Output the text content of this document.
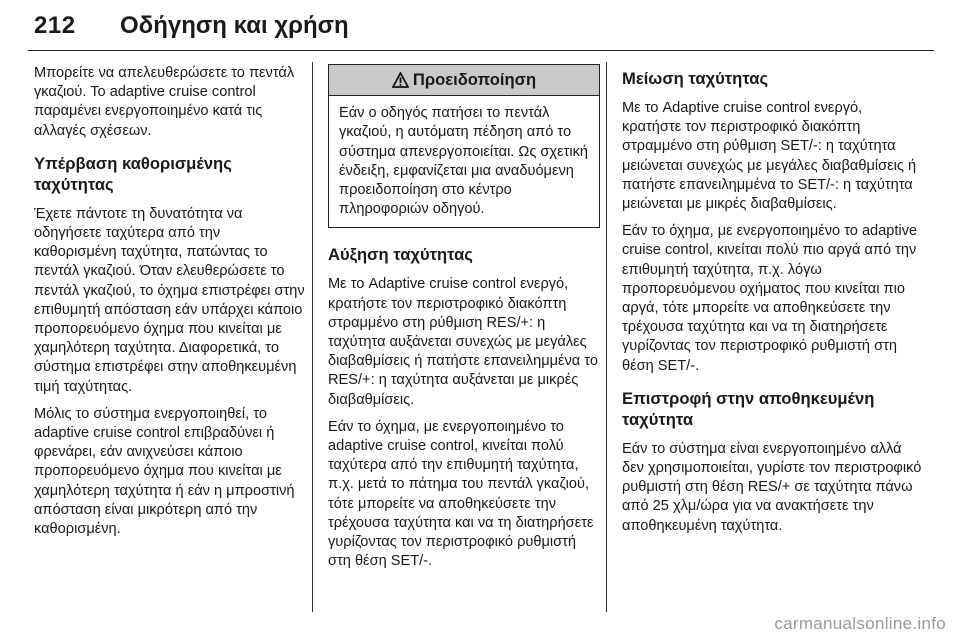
212 Οδήγηση και χρήση

Μπορείτε να απελευθερώσετε το πεντάλ γκαζιού. Το adaptive cruise control παραμένει ενεργοποιημένο κατά τις αλλαγές σχέσεων.

Υπέρβαση καθορισμένης ταχύτητας

Έχετε πάντοτε τη δυνατότητα να οδηγήσετε ταχύτερα από την καθορισμένη ταχύτητα, πατώντας το πεντάλ γκαζιού. Όταν ελευθερώσετε το πεντάλ γκαζιού, το όχημα επιστρέφει στην επιθυμητή απόσταση εάν υπάρχει κάποιο προπορευόμενο όχημα που κινείται με χαμηλότερη ταχύτητα. Διαφορετικά, το σύστημα επιστρέφει στην αποθηκευμένη τιμή ταχύτητας.

Μόλις το σύστημα ενεργοποιηθεί, το adaptive cruise control επιβραδύνει ή φρενάρει, εάν ανιχνεύσει κάποιο προπορευόμενο όχημα που κινείται με χαμηλότερη ταχύτητα ή εάν η μπροστινή απόσταση είναι μικρότερη από την καθορισμένη.

Προειδοποίηση
Εάν ο οδηγός πατήσει το πεντάλ γκαζιού, η αυτόματη πέδηση από το σύστημα απενεργοποιείται. Ως σχετική ένδειξη, εμφανίζεται μια αναδυόμενη προειδοποίηση στο κέντρο πληροφοριών οδηγού.
Αύξηση ταχύτητας

Με το Adaptive cruise control ενεργό, κρατήστε τον περιστροφικό διακόπτη στραμμένο στη ρύθμιση RES/+: η ταχύτητα αυξάνεται συνεχώς με μεγάλες διαβαθμίσεις ή πατήστε επανειλημμένα το RES/+: η ταχύτητα αυξάνεται με μικρές διαβαθμίσεις.

Εάν το όχημα, με ενεργοποιημένο το adaptive cruise control, κινείται πολύ ταχύτερα από την επιθυμητή ταχύτητα, π.χ. μετά το πάτημα του πεντάλ γκαζιού, τότε μπορείτε να αποθηκεύσετε την τρέχουσα ταχύτητα και να τη διατηρήσετε γυρίζοντας τον περιστροφικό ρυθμιστή στη θέση SET/-.

Μείωση ταχύτητας

Με το Adaptive cruise control ενεργό, κρατήστε τον περιστροφικό διακόπτη στραμμένο στη ρύθμιση SET/-: η ταχύτητα μειώνεται συνεχώς με μεγάλες διαβαθμίσεις ή πατήστε επανειλημμένα το SET/-: η ταχύτητα μειώνεται με μικρές διαβαθμίσεις.

Εάν το όχημα, με ενεργοποιημένο το adaptive cruise control, κινείται πολύ πιο αργά από την επιθυμητή ταχύτητα, π.χ. λόγω προπορευόμενου οχήματος που κινείται πιο αργά, τότε μπορείτε να αποθηκεύσετε την τρέχουσα ταχύτητα και να τη διατηρήσετε γυρίζοντας τον περιστροφικό ρυθμιστή στη θέση SET/-.

Επιστροφή στην αποθηκευμένη ταχύτητα

Εάν το σύστημα είναι ενεργοποιημένο αλλά δεν χρησιμοποιείται, γυρίστε τον περιστροφικό ρυθμιστή στη θέση RES/+ σε ταχύτητα πάνω από 25 χλμ/ώρα για να ανακτήσετε την αποθηκευμένη ταχύτητα.

carmanualsonline.info
